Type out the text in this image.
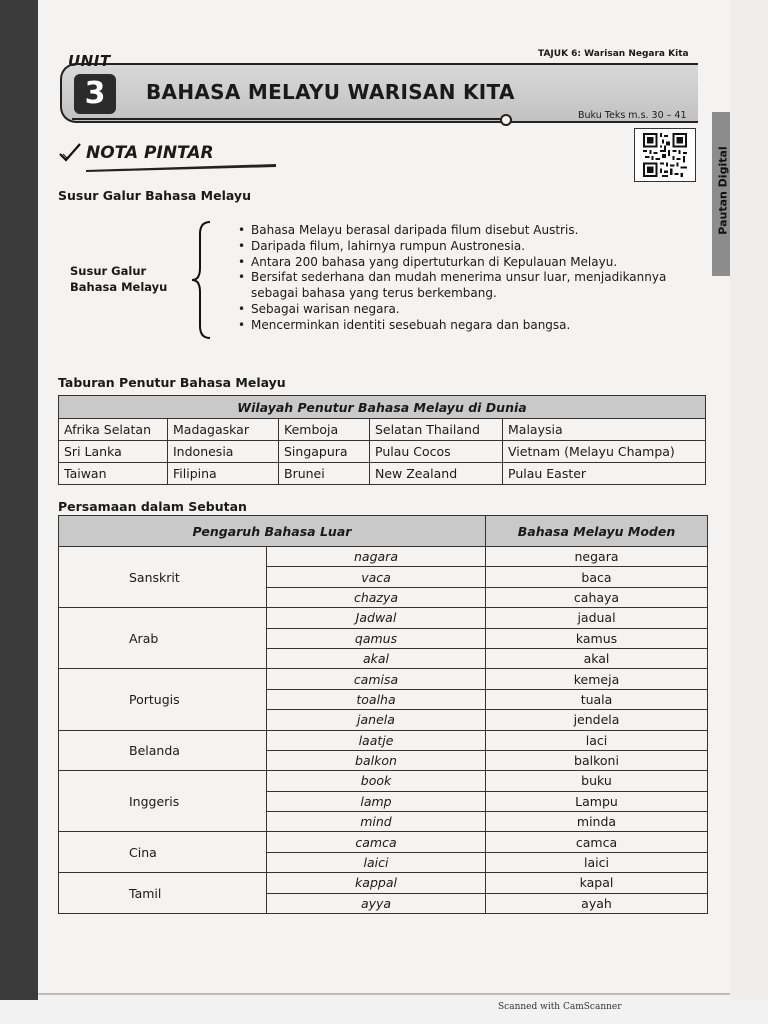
Scanned with CamScanner
UNIT	TAJUK 6: Warisan Negara Kita
3	BAHASA MELAYU WARISAN KITA
Buku Teks m.s. 30 – 41
Pautan Digital
NOTA PINTAR
Susur Galur Bahasa Melayu
Susur Galur
Bahasa Melayu
• Bahasa Melayu berasal daripada filum disebut Austris.
• Daripada filum, lahirnya rumpun Austronesia.
• Antara 200 bahasa yang dipertuturkan di Kepulauan Melayu.
• Bersifat sederhana dan mudah menerima unsur luar, menjadikannya sebagai bahasa yang terus berkembang.
• Sebagai warisan negara.
• Mencerminkan identiti sesebuah negara dan bangsa.
Taburan Penutur Bahasa Melayu
Wilayah Penutur Bahasa Melayu di Dunia				
Afrika Selatan	Madagaskar	Kemboja	Selatan Thailand	Malaysia
Sri Lanka	Indonesia	Singapura	Pulau Cocos	Vietnam (Melayu Champa)
Taiwan	Filipina	Brunei	New Zealand	Pulau Easter
Persamaan dalam Sebutan
Pengaruh Bahasa Luar		Bahasa Melayu Moden
Sanskrit	nagara	negara
	vaca	baca
	chazya	cahaya
Arab	Jadwal	jadual
	qamus	kamus
	akal	akal
Portugis	camisa	kemeja
	toalha	tuala
	janela	jendela
Belanda	laatje	laci
	balkon	balkoni
Inggeris	book	buku
	lamp	Lampu
	mind	minda
Cina	camca	camca
	laici	laici
Tamil	kappal	kapal
	ayya	ayah
